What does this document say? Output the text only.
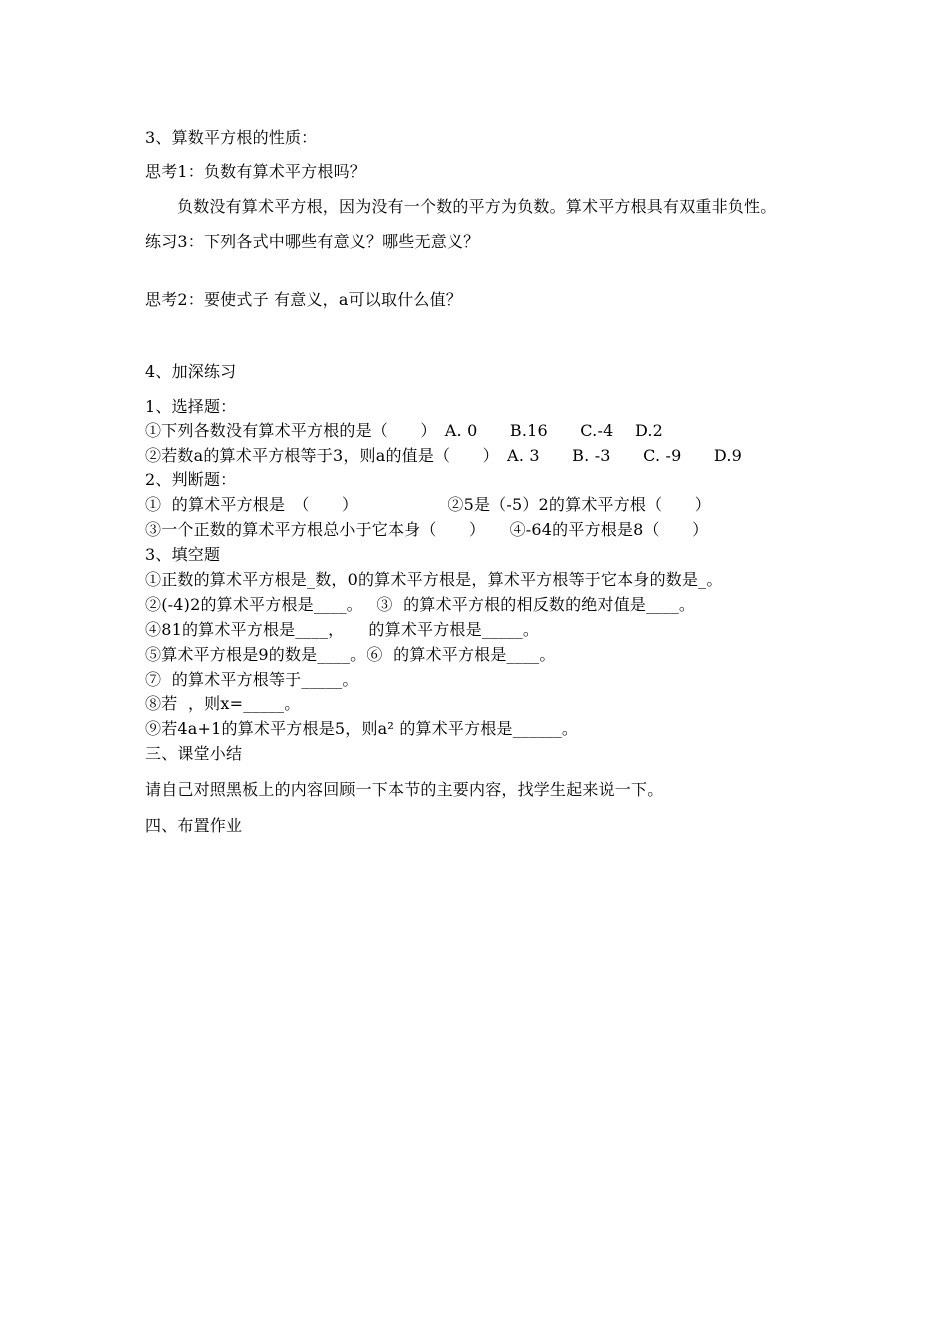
3、算数平方根的性质：
思考1：负数有算术平方根吗？
负数没有算术平方根，因为没有一个数的平方为负数。算术平方根具有双重非负性。
练习3：下列各式中哪些有意义？哪些无意义？
思考2：要使式子 有意义，a可以取什么值？
4、加深练习
1、选择题：
①下列各数没有算术平方根的是（　　）　A. 0　　B.16　　C.-4　 D.2
②若数a的算术平方根等于3，则a的值是（　　）　A. 3　　B. -3　　C. -9　　D.9
2、判断题：
①  的算术平方根是　（　　）　　　　　　②5是（-5）2的算术平方根（　　）
③一个正数的算术平方根总小于它本身（　　）　　④-64的平方根是8（　　）
3、填空题
①正数的算术平方根是_数，0的算术平方根是，算术平方根等于它本身的数是_。
②(-4)2的算术平方根是____。　 ③  的算术平方根的相反数的绝对值是____。
④81的算术平方根是____，　   的算术平方根是_____。
⑤算术平方根是9的数是____。⑥  的算术平方根是____。
⑦  的算术平方根等于_____。
⑧若  ，则x=_____。
⑨若4a+1的算术平方根是5，则a² 的算术平方根是______。
三、课堂小结
请自己对照黑板上的内容回顾一下本节的主要内容，找学生起来说一下。
四、布置作业
